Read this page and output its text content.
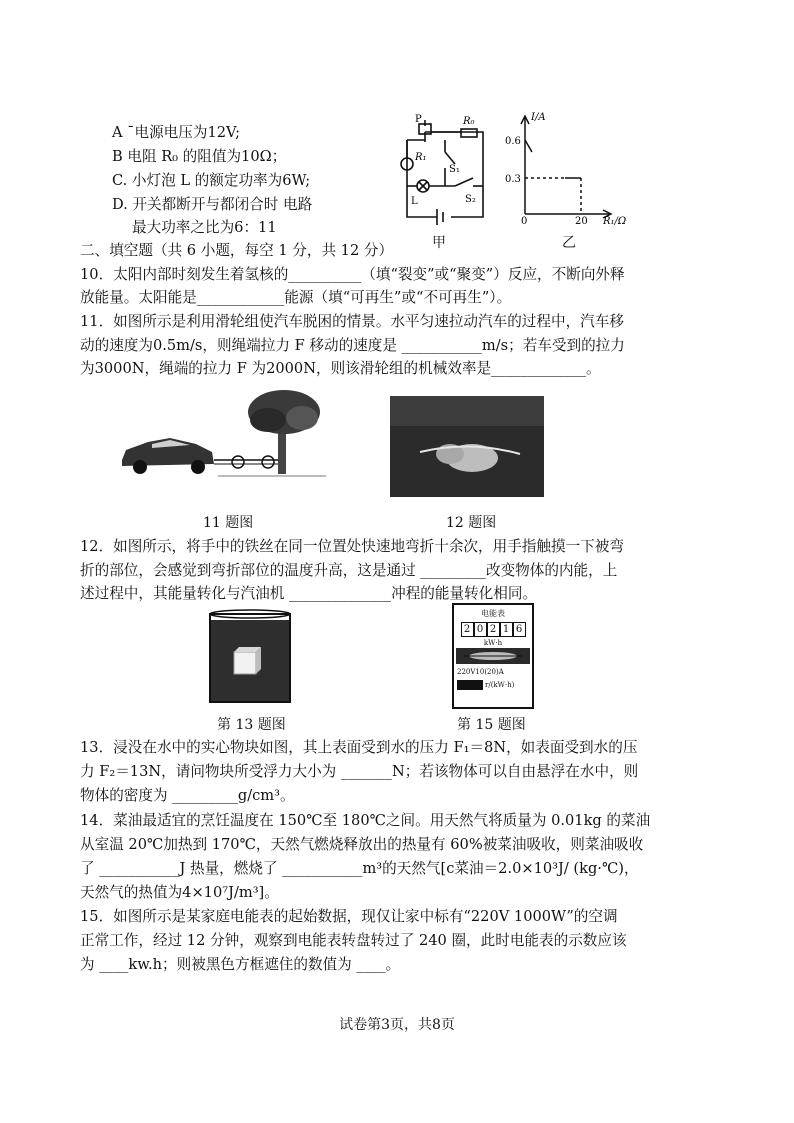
A ˉ电源电压为12V;
B 电阻 R₀ 的阻值为10Ω；
C. 小灯泡 L 的额定功率为6W;
D. 开关都断开与都闭合时 电路
最大功率之比为6：11
P	R₀
R₁
S₁
L	S₂
甲
I/A
R₁/Ω
0.6
0.3
0	20
乙
二、填空题（共 6 小题，每空 1 分，共 12 分）
10．太阳内部时刻发生着氢核的__________（填“裂变”或“聚变”）反应，不断向外释
放能量。太阳能是____________能源（填“可再生”或“不可再生”）。
11．如图所示是利用滑轮组使汽车脱困的情景。水平匀速拉动汽车的过程中，汽车移
动的速度为0.5m/s，则绳端拉力 F 移动的速度是 ___________m/s；若车受到的拉力
为3000N，绳端的拉力 F 为2000N，则该滑轮组的机械效率是_____________。
11 题图	12 题图
12．如图所示，将手中的铁丝在同一位置处快速地弯折十余次，用手指触摸一下被弯
折的部位，会感觉到弯折部位的温度升高，这是通过 _________改变物体的内能，上
述过程中，其能量转化与汽油机 ______________冲程的能量转化相同。
第 13 题图
电能表
2 0 2 1 6
kW·h
220V10(20)A
r/(kW·h)
第 15 题图
13．浸没在水中的实心物块如图，其上表面受到水的压力 F₁＝8N，如表面受到水的压
力 F₂＝13N，请问物块所受浮力大小为 _______N；若该物体可以自由悬浮在水中，则
物体的密度为 _________g/cm³。
14．菜油最适宜的烹饪温度在 150℃至 180℃之间。用天然气将质量为 0.01kg 的菜油
从室温 20℃加热到 170℃，天然气燃烧释放出的热量有 60%被菜油吸收，则菜油吸收
了 ___________J 热量，燃烧了 ___________m³的天然气[c菜油＝2.0×10³J/ (kg·℃)，
天然气的热值为4×10⁷J/m³]。
15．如图所示是某家庭电能表的起始数据，现仅让家中标有“220V 1000W”的空调
正常工作，经过 12 分钟，观察到电能表转盘转过了 240 圈，此时电能表的示数应该
为 ____kw.h；则被黑色方框遮住的数值为 ____。
试卷第3页，共8页
